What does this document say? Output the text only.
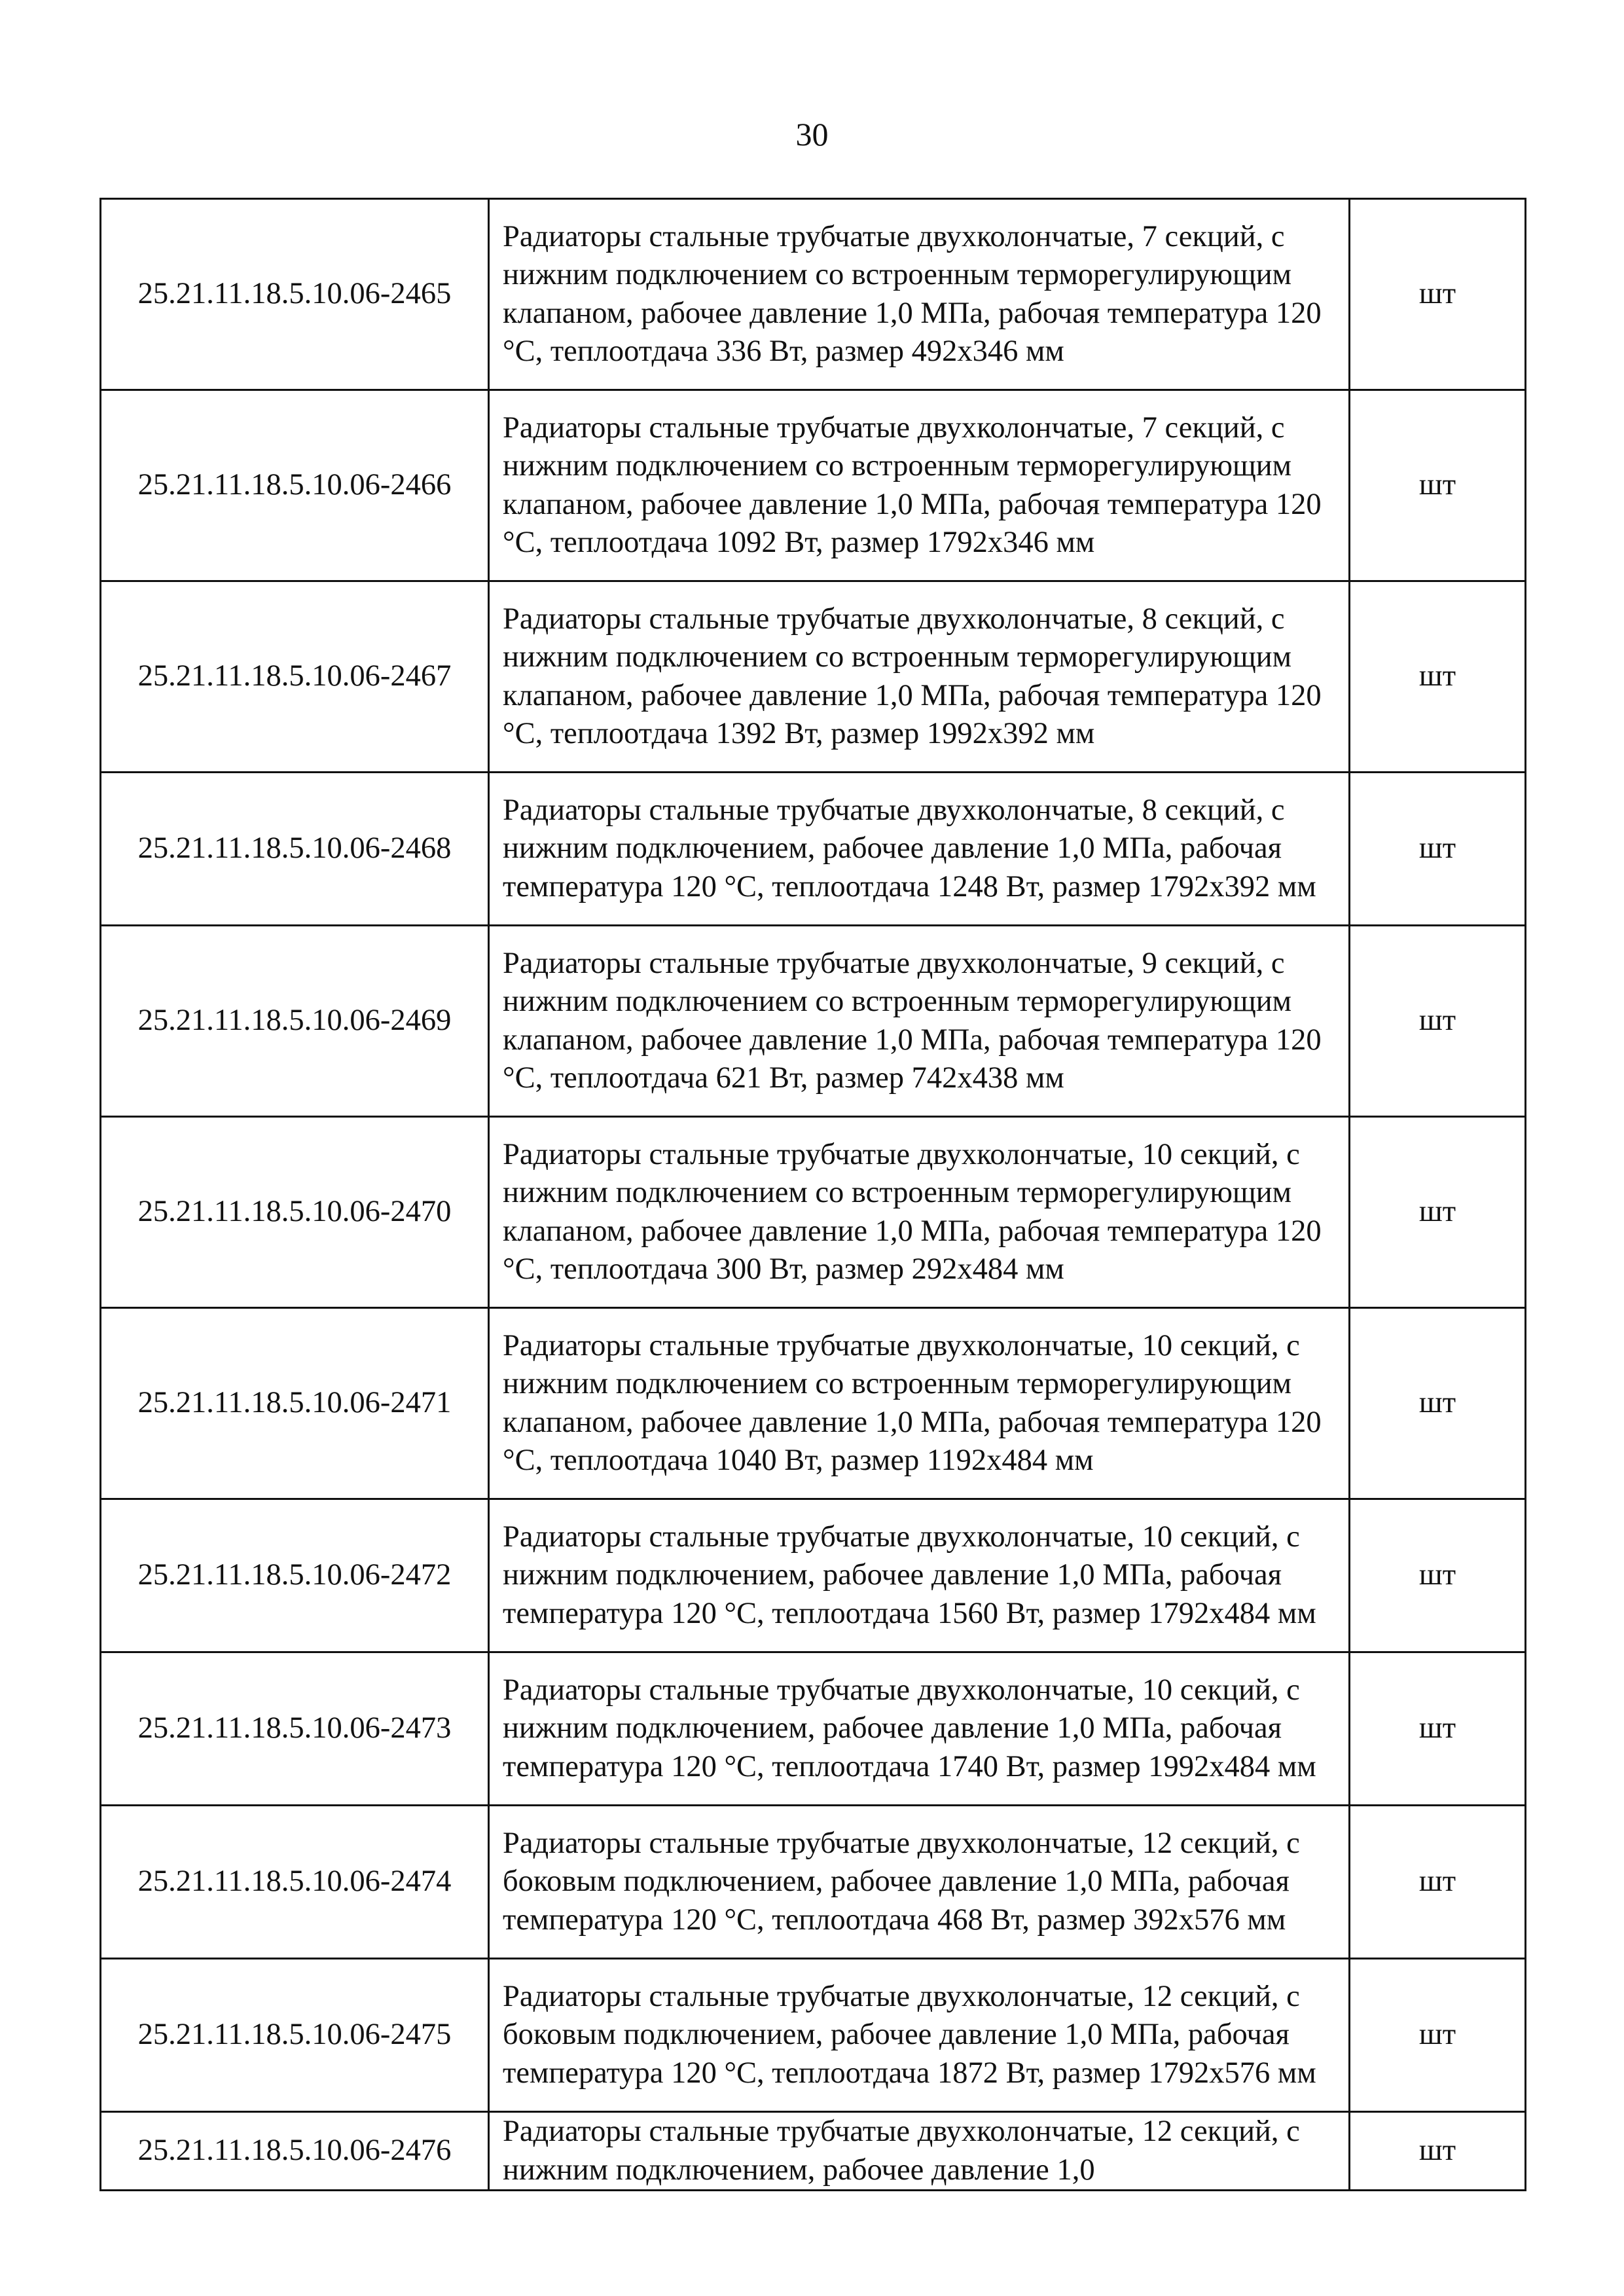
30
25.21.11.18.5.10.06-2465	Радиаторы стальные трубчатые двухколончатые, 7 секций, с нижним подключением со встроенным терморегулирующим клапаном, рабочее давление 1,0 МПа, рабочая температура 120 °С, теплоотдача 336 Вт, размер 492x346 мм	шт
25.21.11.18.5.10.06-2466	Радиаторы стальные трубчатые двухколончатые, 7 секций, с нижним подключением со встроенным терморегулирующим клапаном, рабочее давление 1,0 МПа, рабочая температура 120 °С, теплоотдача 1092 Вт, размер 1792x346 мм	шт
25.21.11.18.5.10.06-2467	Радиаторы стальные трубчатые двухколончатые, 8 секций, с нижним подключением со встроенным терморегулирующим клапаном, рабочее давление 1,0 МПа, рабочая температура 120 °С, теплоотдача 1392 Вт, размер 1992x392 мм	шт
25.21.11.18.5.10.06-2468	Радиаторы стальные трубчатые двухколончатые, 8 секций, с нижним подключением, рабочее давление 1,0 МПа, рабочая температура 120 °С, теплоотдача 1248 Вт, размер 1792x392 мм	шт
25.21.11.18.5.10.06-2469	Радиаторы стальные трубчатые двухколончатые, 9 секций, с нижним подключением со встроенным терморегулирующим клапаном, рабочее давление 1,0 МПа, рабочая температура 120 °С, теплоотдача 621 Вт, размер 742x438 мм	шт
25.21.11.18.5.10.06-2470	Радиаторы стальные трубчатые двухколончатые, 10 секций, с нижним подключением со встроенным терморегулирующим клапаном, рабочее давление 1,0 МПа, рабочая температура 120 °С, теплоотдача 300 Вт, размер 292x484 мм	шт
25.21.11.18.5.10.06-2471	Радиаторы стальные трубчатые двухколончатые, 10 секций, с нижним подключением со встроенным терморегулирующим клапаном, рабочее давление 1,0 МПа, рабочая температура 120 °С, теплоотдача 1040 Вт, размер 1192x484 мм	шт
25.21.11.18.5.10.06-2472	Радиаторы стальные трубчатые двухколончатые, 10 секций, с нижним подключением, рабочее давление 1,0 МПа, рабочая температура 120 °С, теплоотдача 1560 Вт, размер 1792x484 мм	шт
25.21.11.18.5.10.06-2473	Радиаторы стальные трубчатые двухколончатые, 10 секций, с нижним подключением, рабочее давление 1,0 МПа, рабочая температура 120 °С, теплоотдача 1740 Вт, размер 1992x484 мм	шт
25.21.11.18.5.10.06-2474	Радиаторы стальные трубчатые двухколончатые, 12 секций, с боковым подключением, рабочее давление 1,0 МПа, рабочая температура 120 °С, теплоотдача 468 Вт, размер 392x576 мм	шт
25.21.11.18.5.10.06-2475	Радиаторы стальные трубчатые двухколончатые, 12 секций, с боковым подключением, рабочее давление 1,0 МПа, рабочая температура 120 °С, теплоотдача 1872 Вт, размер 1792x576 мм	шт
25.21.11.18.5.10.06-2476	Радиаторы стальные трубчатые двухколончатые, 12 секций, с нижним подключением, рабочее давление 1,0	шт
